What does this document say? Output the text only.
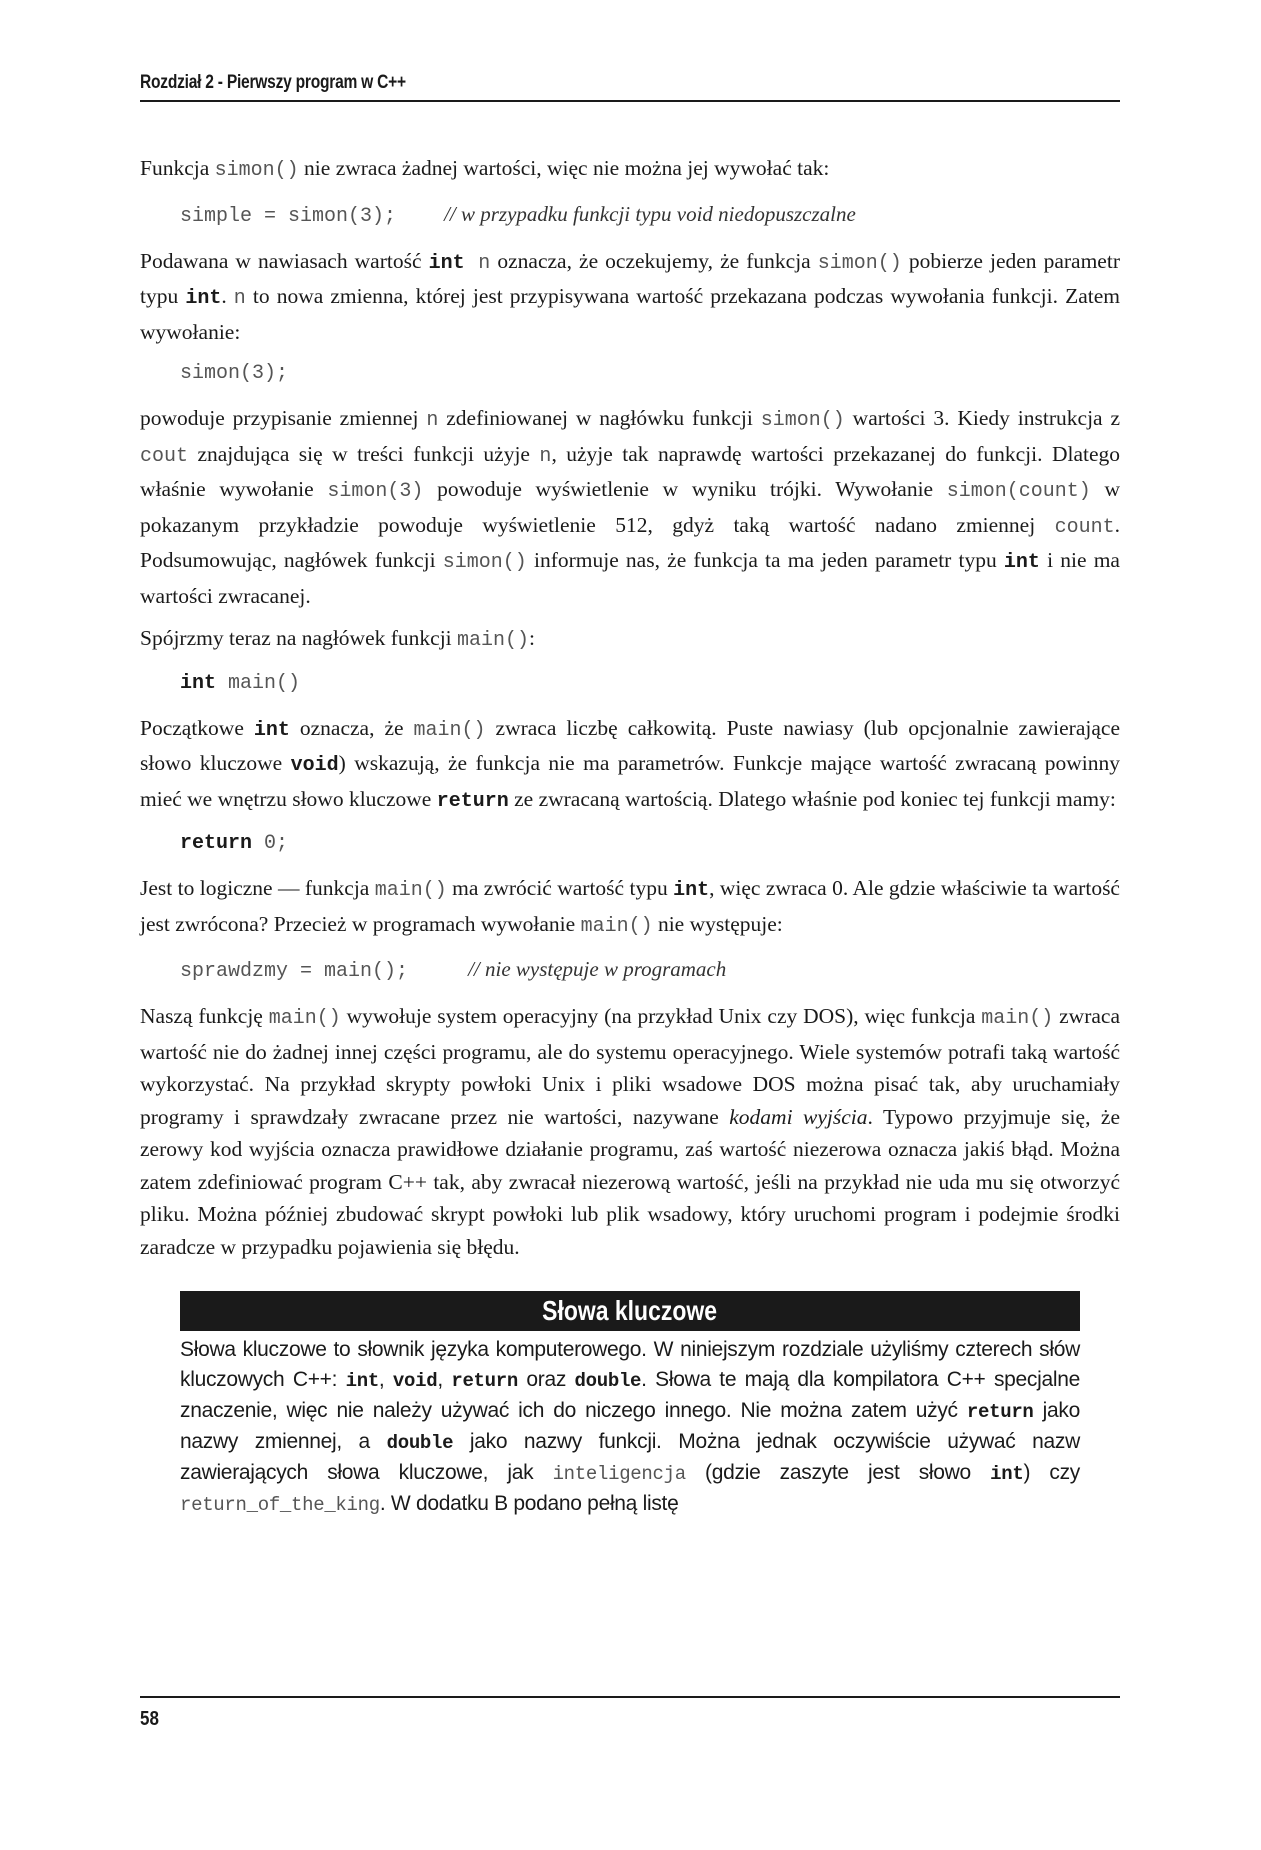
Rozdział 2 - Pierwszy program w C++

Funkcja simon() nie zwraca żadnej wartości, więc nie można jej wywołać tak:

simple = simon(3); // w przypadku funkcji typu void niedopuszczalne

Podawana w nawiasach wartość int n oznacza, że oczekujemy, że funkcja simon() pobierze jeden parametr typu int. n to nowa zmienna, której jest przypisywana wartość przekazana podczas wywołania funkcji. Zatem wywołanie:

simon(3);

powoduje przypisanie zmiennej n zdefiniowanej w nagłówku funkcji simon() wartości 3. Kiedy instrukcja z cout znajdująca się w treści funkcji użyje n, użyje tak naprawdę wartości przekazanej do funkcji. Dlatego właśnie wywołanie simon(3) powoduje wyświetlenie w wyniku trójki. Wywołanie simon(count) w pokazanym przykładzie powoduje wyświetlenie 512, gdyż taką wartość nadano zmiennej count. Podsumowując, nagłówek funkcji simon() informuje nas, że funkcja ta ma jeden parametr typu int i nie ma wartości zwracanej.

Spójrzmy teraz na nagłówek funkcji main():

int main()

Początkowe int oznacza, że main() zwraca liczbę całkowitą. Puste nawiasy (lub opcjonalnie zawierające słowo kluczowe void) wskazują, że funkcja nie ma parametrów. Funkcje mające wartość zwracaną powinny mieć we wnętrzu słowo kluczowe return ze zwracaną wartością. Dlatego właśnie pod koniec tej funkcji mamy:

return 0;

Jest to logiczne — funkcja main() ma zwrócić wartość typu int, więc zwraca 0. Ale gdzie właściwie ta wartość jest zwrócona? Przecież w programach wywołanie main() nie występuje:

sprawdzmy = main();	// nie występuje w programach

Naszą funkcję main() wywołuje system operacyjny (na przykład Unix czy DOS), więc funkcja main() zwraca wartość nie do żadnej innej części programu, ale do systemu operacyjnego. Wiele systemów potrafi taką wartość wykorzystać. Na przykład skrypty powłoki Unix i pliki wsadowe DOS można pisać tak, aby uruchamiały programy i sprawdzały zwracane przez nie wartości, nazywane kodami wyjścia. Typowo przyjmuje się, że zerowy kod wyjścia oznacza prawidłowe działanie programu, zaś wartość niezerowa oznacza jakiś błąd. Można zatem zdefiniować program C++ tak, aby zwracał niezerową wartość, jeśli na przykład nie uda mu się otworzyć pliku. Można później zbudować skrypt powłoki lub plik wsadowy, który uruchomi program i podejmie środki zaradcze w przypadku pojawienia się błędu.

Słowa kluczowe
Słowa kluczowe to słownik języka komputerowego. W niniejszym rozdziale użyliśmy czterech słów kluczowych C++: int, void, return oraz double. Słowa te mają dla kompilatora C++ specjalne znaczenie, więc nie należy używać ich do niczego innego. Nie można zatem użyć return jako nazwy zmiennej, a double jako nazwy funkcji. Można jednak oczywiście używać nazw zawierających słowa kluczowe, jak inteligencja (gdzie zaszyte jest słowo int) czy return_of_the_king. W dodatku B podano pełną listę
58
